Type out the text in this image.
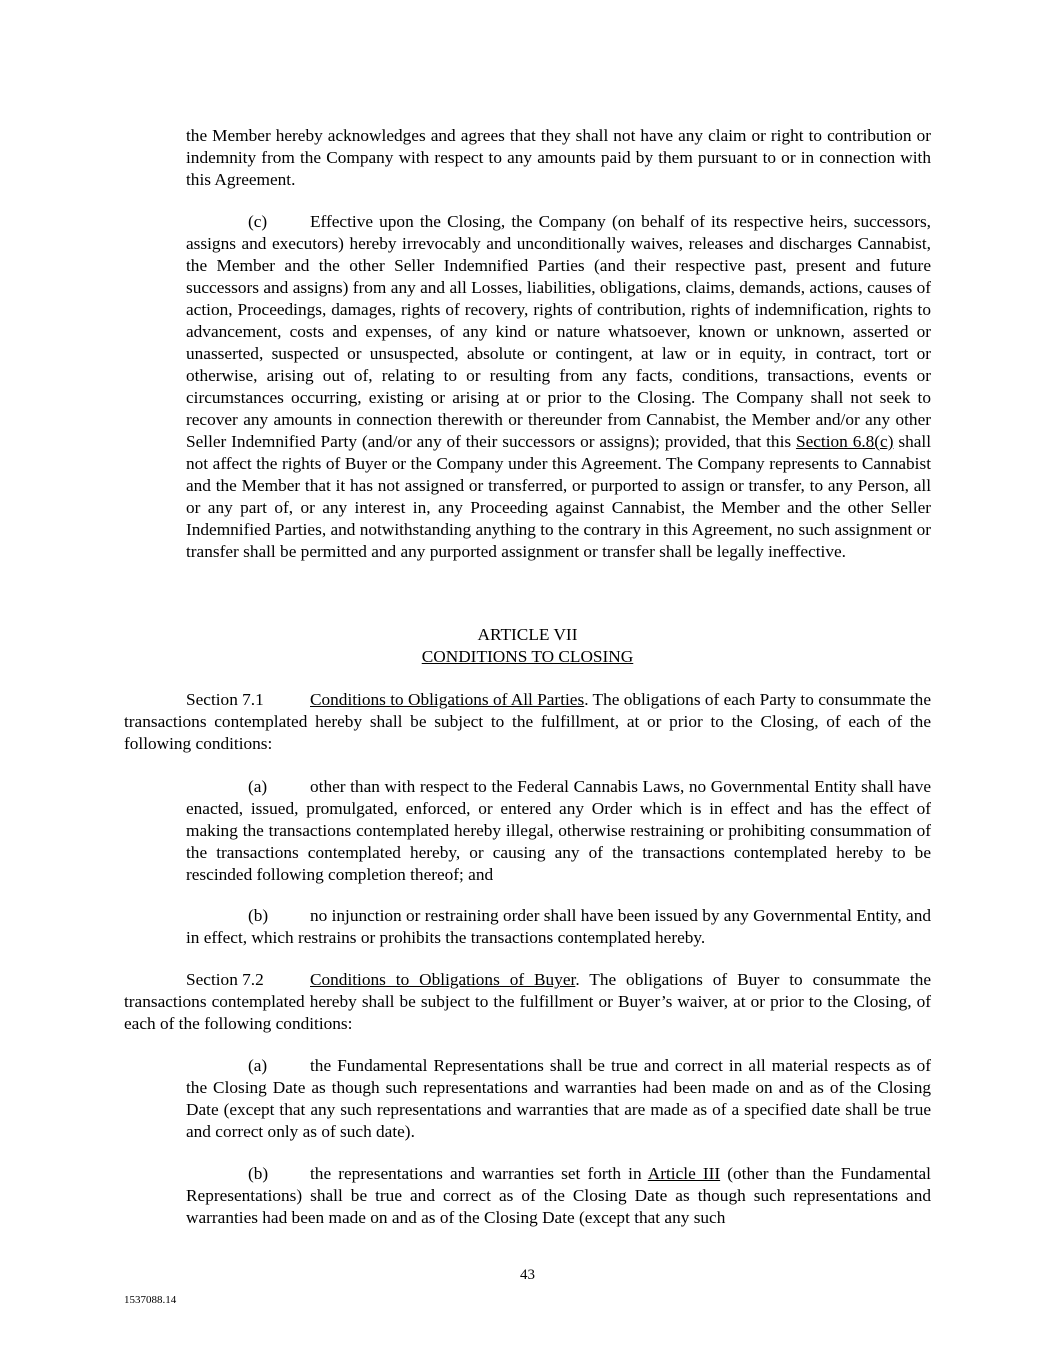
the Member hereby acknowledges and agrees that they shall not have any claim or right to contribution or indemnity from the Company with respect to any amounts paid by them pursuant to or in connection with this Agreement.

(c) Effective upon the Closing, the Company (on behalf of its respective heirs, successors, assigns and executors) hereby irrevocably and unconditionally waives, releases and discharges Cannabist, the Member and the other Seller Indemnified Parties (and their respective past, present and future successors and assigns) from any and all Losses, liabilities, obligations, claims, demands, actions, causes of action, Proceedings, damages, rights of recovery, rights of contribution, rights of indemnification, rights to advancement, costs and expenses, of any kind or nature whatsoever, known or unknown, asserted or unasserted, suspected or unsuspected, absolute or contingent, at law or in equity, in contract, tort or otherwise, arising out of, relating to or resulting from any facts, conditions, transactions, events or circumstances occurring, existing or arising at or prior to the Closing. The Company shall not seek to recover any amounts in connection therewith or thereunder from Cannabist, the Member and/or any other Seller Indemnified Party (and/or any of their successors or assigns); provided, that this Section 6.8(c) shall not affect the rights of Buyer or the Company under this Agreement. The Company represents to Cannabist and the Member that it has not assigned or transferred, or purported to assign or transfer, to any Person, all or any part of, or any interest in, any Proceeding against Cannabist, the Member and the other Seller Indemnified Parties, and notwithstanding anything to the contrary in this Agreement, no such assignment or transfer shall be permitted and any purported assignment or transfer shall be legally ineffective.

ARTICLE VII

CONDITIONS TO CLOSING

Section 7.1	Conditions to Obligations of All Parties. The obligations of each Party to consummate the transactions contemplated hereby shall be subject to the fulfillment, at or prior to the Closing, of each of the following conditions:

(a) other than with respect to the Federal Cannabis Laws, no Governmental Entity shall have enacted, issued, promulgated, enforced, or entered any Order which is in effect and has the effect of making the transactions contemplated hereby illegal, otherwise restraining or prohibiting consummation of the transactions contemplated hereby, or causing any of the transactions contemplated hereby to be rescinded following completion thereof; and

(b) no injunction or restraining order shall have been issued by any Governmental Entity, and in effect, which restrains or prohibits the transactions contemplated hereby.

Section 7.2	Conditions to Obligations of Buyer. The obligations of Buyer to consummate the transactions contemplated hereby shall be subject to the fulfillment or Buyer’s waiver, at or prior to the Closing, of each of the following conditions:

(a) the Fundamental Representations shall be true and correct in all material respects as of the Closing Date as though such representations and warranties had been made on and as of the Closing Date (except that any such representations and warranties that are made as of a specified date shall be true and correct only as of such date).

(b) the representations and warranties set forth in Article III (other than the Fundamental Representations) shall be true and correct as of the Closing Date as though such representations and warranties had been made on and as of the Closing Date (except that any such

43
1537088.14
